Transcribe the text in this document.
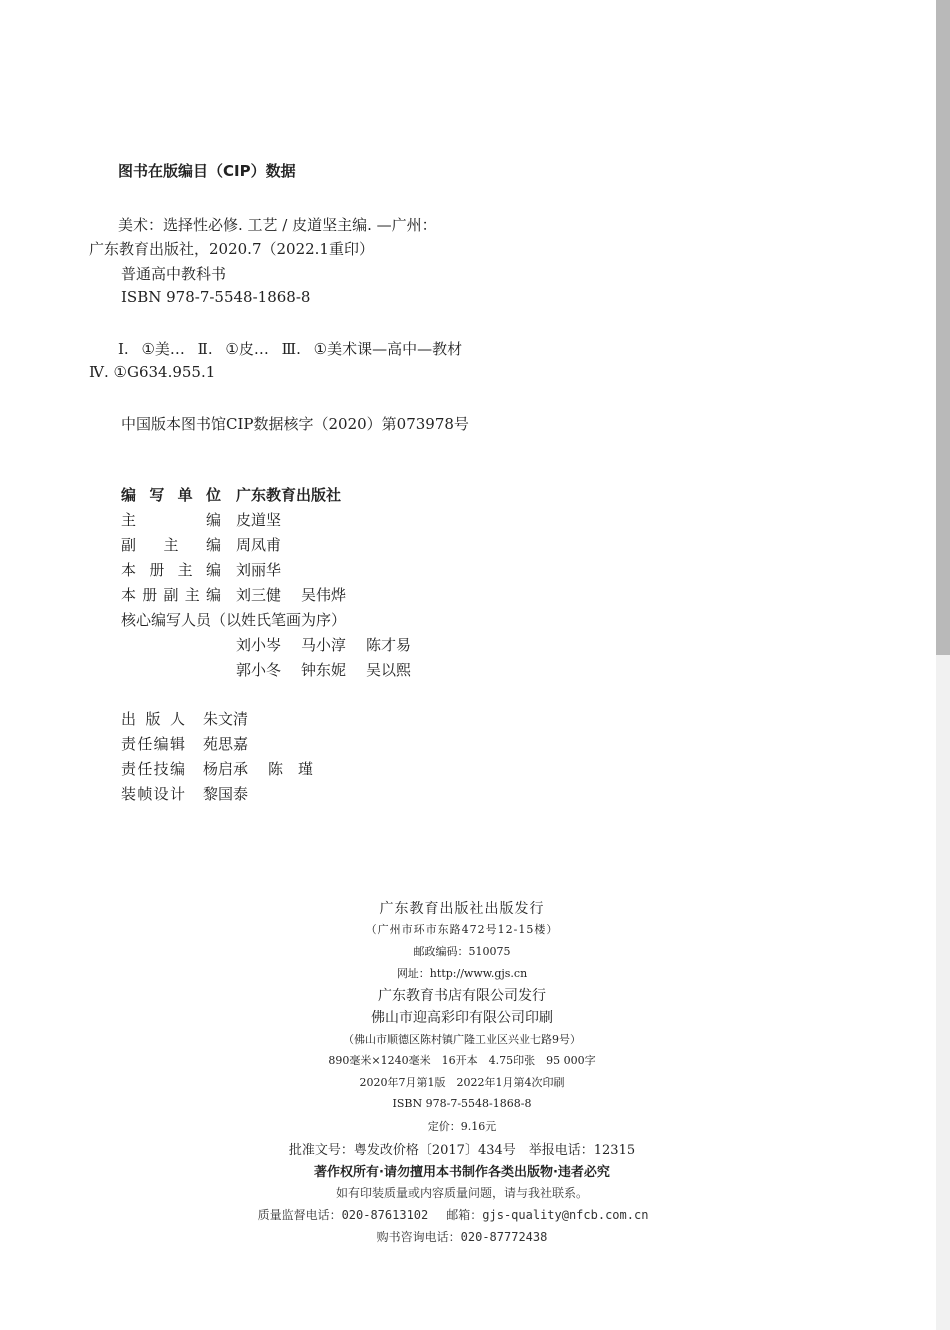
图书在版编目（CIP）数据
美术：选择性必修. 工艺 / 皮道坚主编. —广州：
广东教育出版社，2020.7（2022.1重印）
普通高中教科书
ISBN 978-7-5548-1868-8
Ⅰ. ①美… Ⅱ. ①皮… Ⅲ. ①美术课—高中—教材
Ⅳ. ①G634.955.1
中国版本图书馆CIP数据核字（2020）第073978号
编 写 单 位 广东教育出版社
主	编 皮道坚
副 主 编 周凤甫
本 册 主 编 刘丽华
本 册 副 主 编 刘三健 吴伟烨
核心编写人员（以姓氏笔画为序）
刘小岑 马小淳 陈才易
郭小冬 钟东妮 吴以熙
出 版 人 朱文清
责 任 编 辑 苑思嘉
责 任 技 编 杨启承 陈　瑾
装 帧 设 计 黎国泰
广东教育出版社出版发行
（广州市环市东路472号12-15楼）
邮政编码：510075
网址：http://www.gjs.cn
广东教育书店有限公司发行
佛山市迎高彩印有限公司印刷
（佛山市顺德区陈村镇广隆工业区兴业七路9号）
890毫米×1240毫米　16开本　4.75印张　95 000字
2020年7月第1版　2022年1月第4次印刷
ISBN 978-7-5548-1868-8
定价：9.16元
批准文号：粤发改价格〔2017〕434号　举报电话：12315
著作权所有·请勿擅用本书制作各类出版物·违者必究
如有印装质量或内容质量问题，请与我社联系。
质量监督电话：020-87613102 邮箱：gjs-quality@nfcb.com.cn
购书咨询电话：020-87772438
